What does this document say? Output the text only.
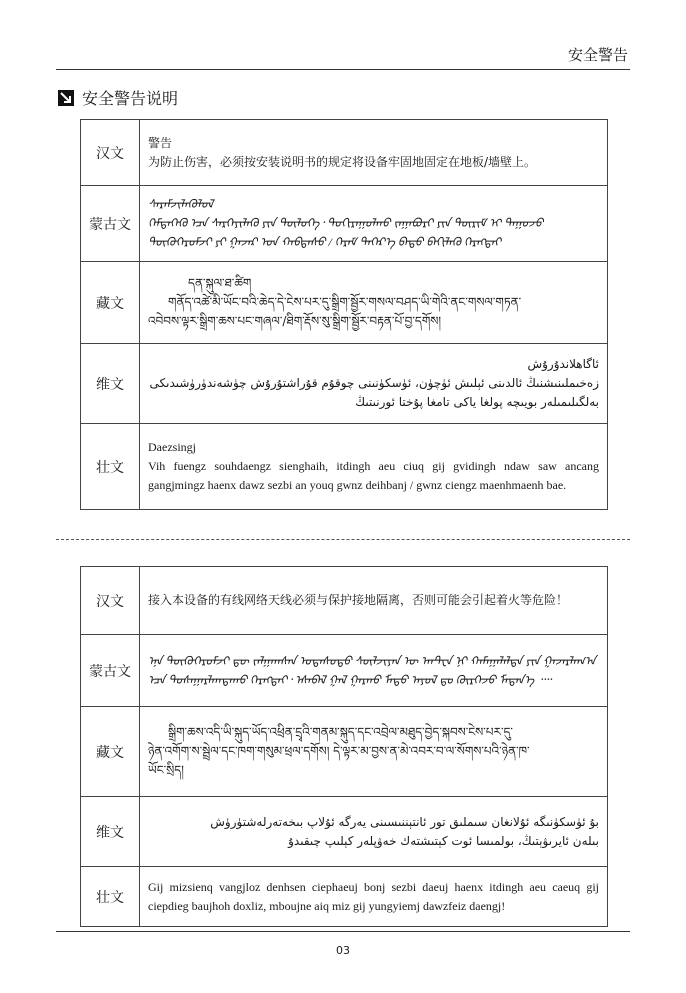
安全警告
安全警告说明
汉文	警告
为防止伤害，必须按安装说明书的规定将设备牢固地固定在地板/墙壁上。

蒙古文	ᠰᠡᠷᠡᠮᠵᠢᠯᠡᠭᠦᠯᠦᠯ
ᠭᠡᠮᠲᠡᠭᠡᠬᠦ ᠡᠴᠡ ᠰᠡᠷᠭᠡᠶᠢᠯᠡᠬᠦ ᠶᠢᠨ ᠲᠥᠯᠥᠭᠡ᠂ ᠲᠤᠬᠢᠷᠠᠭᠤᠯᠬᠤ ᠵᠠᠭᠠᠪᠤᠷᠢ ᠶᠢᠨ ᠳᠦᠷᠢᠮ ᠢ ᠳᠠᠭᠤᠵᠤ
ᠲᠥᠬᠥᠭᠡᠷᠦᠮᠵᠢ ᠶᠢ ᠭᠠᠵᠠᠷ ᠤᠨ ᠬᠠᠪᠲᠠᠰᠤ / ᠬᠡᠷᠡᠮ ᠳᠡᠭᠡᠷ᠎ᠡ ᠪᠠᠲᠤ ᠪᠡᠬᠢᠯᠡᠬᠦ ᠬᠡᠷᠡᠭᠲᠡᠢ

藏文	དན་སྐུལ་ཐ་ཚིག
གནོད་འཚེ་མི་ཡོང་བའི་ཆེད་དེ་ངེས་པར་དུ་སྒྲིག་སྦྱོར་གསལ་བཤད་ཡི་གེའི་ནང་གསལ་གཏན་
འབེབས་ལྟར་སྒྲིག་ཆས་པང་གཞལ་/ཐིག་རྡོས་སུ་སྒྲིག་སྦྱོར་བརྟན་པོ་བྱ་དགོས།

维文	ئاگاھلاندۇرۇش
زەخىملىنىشنىڭ ئالدىنى ئېلىش ئۈچۈن، ئۈسكۈنىنى چوقۇم قۇراشتۇرۇش چۈشەندۈرۈشىدىكى
بەلگىلىمىلەر بويىچە پولغا ياكى تامغا پۇختا ئورنىتىڭ

壮文	Daezsingj
Vih fuengz souhdaengz sienghaih, itdingh aeu ciuq gij gvidingh ndaw saw ancang gangjmingz haenx dawz sezbi an youq gwnz deihbanj / gwnz ciengz maenhmaenh bae.
汉文	接入本设备的有线网络天线必须与保护接地隔离，否则可能会引起着火等危险！

蒙古文	ᠡᠨᠡ ᠲᠥᠬᠥᠭᠡᠷᠦᠮᠵᠢ ᠳᠦ ᠵᠠᠯᠭᠠᠭᠰᠠᠨ ᠤᠲᠠᠰᠤᠲᠤ ᠰᠦᠯᠵᠢᠶᠡᠨ ᠦ ᠠᠨᠲ᠋ᠧᠨ ᠨᠢ ᠬᠠᠮᠠᠭᠠᠯᠠᠯᠲᠠ ᠶᠢᠨ ᠭᠠᠵᠠᠷᠯᠠᠭ᠎ᠠ
ᠡᠴᠡ ᠲᠤᠰᠠᠭᠠᠷᠯᠠᠭᠳᠠᠬᠤ ᠬᠡᠷᠡᠭᠲᠡᠢ᠂ ᠡᠰᠡᠪᠡᠯ ᠭᠠᠯ ᠭᠠᠷᠬᠤ ᠮᠡᠲᠦ ᠠᠶᠤᠯ ᠳᠤ ᠬᠦᠷᠭᠡᠵᠦ ᠮᠡᠳᠡᠨ᠎ᠡ ᠁

藏文	སྒྲིག་ཆས་འདི་ཡི་སྐུད་ཡོད་འཕྲིན་དྲྭའི་གནམ་སྐུད་དང་འབྲེལ་མཐུད་བྱེད་སྐབས་ངེས་པར་དུ་
ཉེན་འགོག་ས་སྦྲེལ་དང་ཁག་གསུམ་ཕྲལ་དགོས། དེ་ལྟར་མ་བྱས་ན་མེ་འབར་བ་ལ་སོགས་པའི་ཉེན་ཁ་
ཡོང་སྲིད།

维文	بۇ ئۈسكۈنىگە ئۇلانغان سىملىق تور ئانتېننىسىنى يەرگە ئۇلاپ بىخەتەرلەشتۈرۈش
بىلەن ئايرىۋېتىڭ، بولمىسا ئوت كېتىشتەك خەۋپلەر كېلىپ چىقىدۇ

壮文	Gij mizsienq vangjloz denhsen ciephaeuj bonj sezbi daeuj haenx itdingh aeu caeuq gij ciepdieg baujhoh doxliz, mboujne aiq miz gij yungyiemj dawzfeiz daengj!
03
